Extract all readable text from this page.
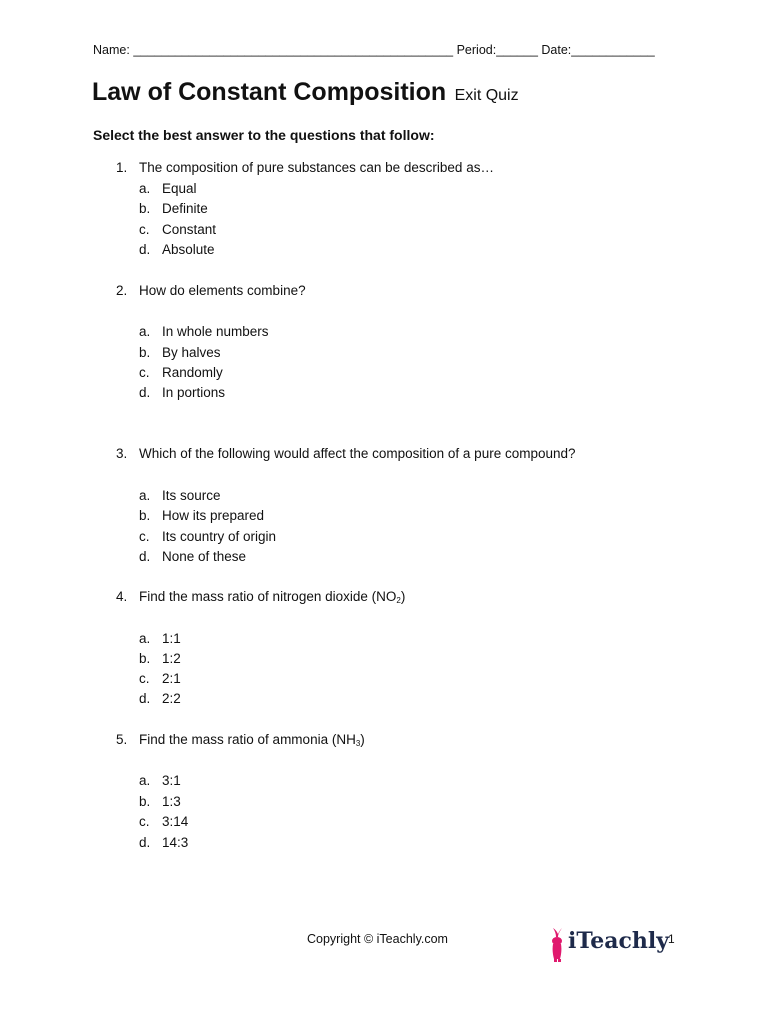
Name: ______________________________________________ Period:______ Date:____________
Law of Constant Composition Exit Quiz
Select the best answer to the questions that follow:
1. The composition of pure substances can be described as…
a. Equal
b. Definite
c. Constant
d. Absolute
2. How do elements combine?
a. In whole numbers
b. By halves
c. Randomly
d. In portions
3. Which of the following would affect the composition of a pure compound?
a. Its source
b. How its prepared
c. Its country of origin
d. None of these
4. Find the mass ratio of nitrogen dioxide $(NO_2)$
a. 1:1
b. 1:2
c. 2:1
d. 2:2
5. Find the mass ratio of ammonia $(NH_3)$
a. 3:1
b. 1:3
c. 3:14
d. 14:3
Copyright © iTeachly.com	iTeachly 1
